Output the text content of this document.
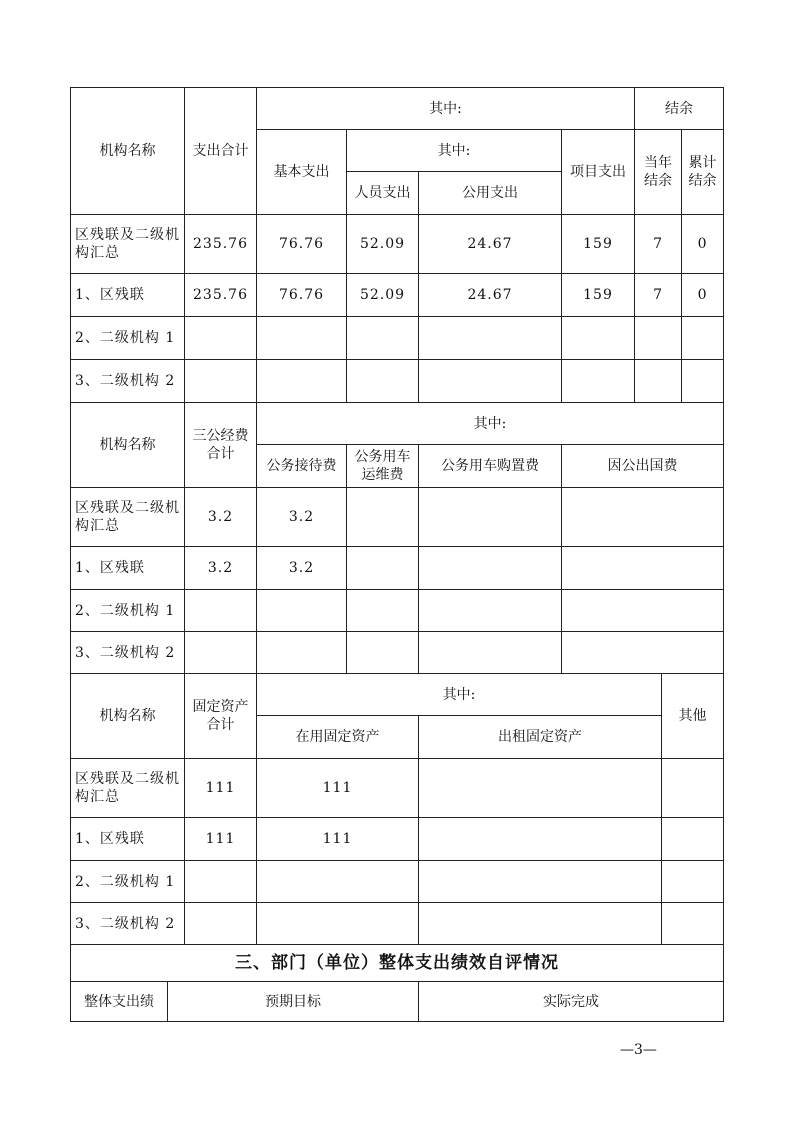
机构名称	支出合计	其中:				结余	
		基本支出	其中:		项目支出	当年结余	累计结余
			人员支出	公用支出			
区残联及二级机构汇总	235.76	76.76	52.09	24.67	159	7	0
1、区残联	235.76	76.76	52.09	24.67	159	7	0
2、二级机构 1							
3、二级机构 2							
机构名称	三公经费合计	其中:			
		公务接待费	公务用车运维费	公务用车购置费	因公出国费
区残联及二级机构汇总	3.2	3.2			
1、区残联	3.2	3.2			
2、二级机构 1					
3、二级机构 2					
机构名称	固定资产合计	其中:		其他
		在用固定资产	出租固定资产	
区残联及二级机构汇总	111	111		
1、区残联	111	111		
2、二级机构 1				
3、二级机构 2				
三、部门（单位）整体支出绩效自评情况
整体支出绩	预期目标	实际完成
—3—
